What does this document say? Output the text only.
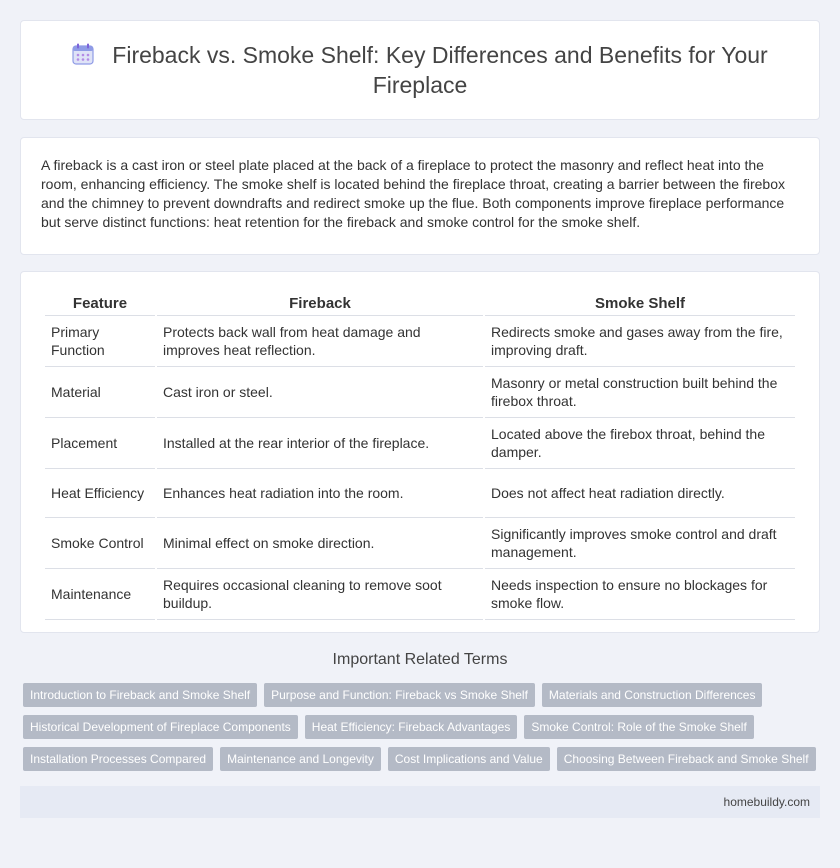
Fireback vs. Smoke Shelf: Key Differences and Benefits for Your Fireplace

A fireback is a cast iron or steel plate placed at the back of a fireplace to protect the masonry and reflect heat into the room, enhancing efficiency. The smoke shelf is located behind the fireplace throat, creating a barrier between the firebox and the chimney to prevent downdrafts and redirect smoke up the flue. Both components improve fireplace performance but serve distinct functions: heat retention for the fireback and smoke control for the smoke shelf.

Feature	Fireback	Smoke Shelf
Primary Function	Protects back wall from heat damage and improves heat reflection.	Redirects smoke and gases away from the fire, improving draft.
Material	Cast iron or steel.	Masonry or metal construction built behind the firebox throat.
Placement	Installed at the rear interior of the fireplace.	Located above the firebox throat, behind the damper.
Heat Efficiency	Enhances heat radiation into the room.	Does not affect heat radiation directly.
Smoke Control	Minimal effect on smoke direction.	Significantly improves smoke control and draft management.
Maintenance	Requires occasional cleaning to remove soot buildup.	Needs inspection to ensure no blockages for smoke flow.
Important Related Terms
Introduction to Fireback and Smoke Shelf	Purpose and Function: Fireback vs Smoke Shelf	Materials and Construction Differences
Historical Development of Fireplace Components	Heat Efficiency: Fireback Advantages	Smoke Control: Role of the Smoke Shelf
Installation Processes Compared	Maintenance and Longevity	Cost Implications and Value	Choosing Between Fireback and Smoke Shelf
homebuildy.com
